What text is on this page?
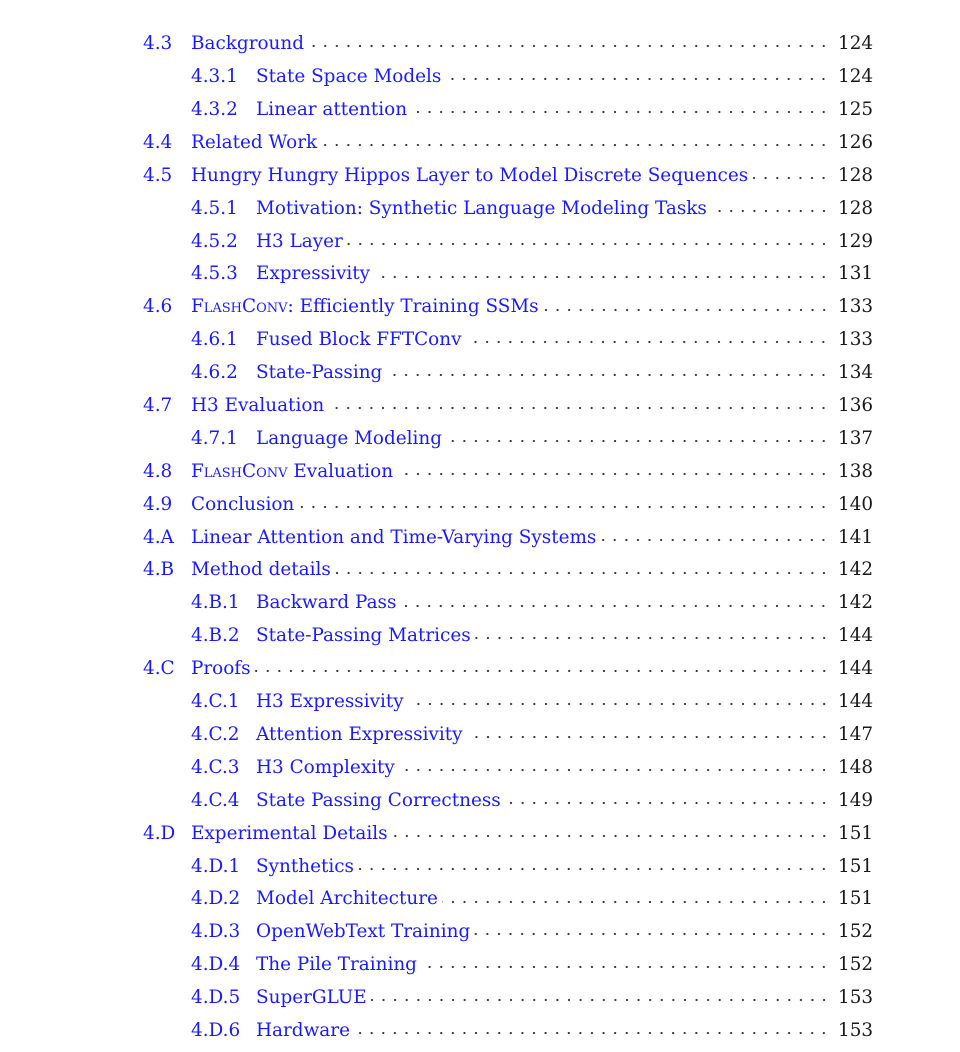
4.3	Background	124
4.3.1 State Space Models	124
4.3.2 Linear attention	125
4.4	Related Work	126
4.5	Hungry Hungry Hippos Layer to Model Discrete Sequences	128
4.5.1 Motivation: Synthetic Language Modeling Tasks	128
4.5.2 H3 Layer	129
4.5.3 Expressivity	131
4.6	FlashConv: Efficiently Training SSMs	133
4.6.1 Fused Block FFTConv	133
4.6.2 State-Passing	134
4.7	H3 Evaluation	136
4.7.1 Language Modeling	137
4.8	FlashConv Evaluation	138
4.9	Conclusion	140
4.A Linear Attention and Time-Varying Systems	141
4.B Method details	142
4.B.1 Backward Pass	142
4.B.2 State-Passing Matrices	144
4.C Proofs	144
4.C.1 H3 Expressivity	144
4.C.2 Attention Expressivity	147
4.C.3 H3 Complexity	148
4.C.4 State Passing Correctness	149
4.D Experimental Details	151
4.D.1 Synthetics	151
4.D.2 Model Architecture	151
4.D.3 OpenWebText Training	152
4.D.4 The Pile Training	152
4.D.5 SuperGLUE	153
4.D.6 Hardware	153
